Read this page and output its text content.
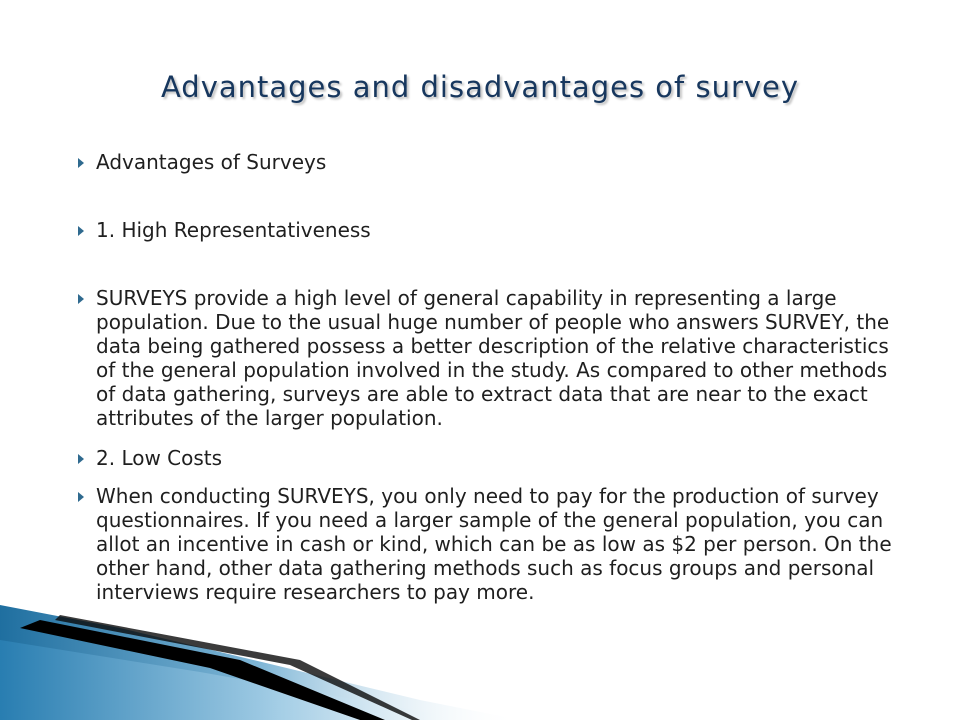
Advantages and disadvantages of survey
Advantages of Surveys
1. High Representativeness
SURVEYS provide a high level of general capability in representing a large population. Due to the usual huge number of people who answers SURVEY, the data being gathered possess a better description of the relative characteristics of the general population involved in the study. As compared to other methods of data gathering, surveys are able to extract data that are near to the exact attributes of the larger population.
2. Low Costs
When conducting SURVEYS, you only need to pay for the production of survey questionnaires. If you need a larger sample of the general population, you can allot an incentive in cash or kind, which can be as low as $2 per person. On the other hand, other data gathering methods such as focus groups and personal interviews require researchers to pay more.
